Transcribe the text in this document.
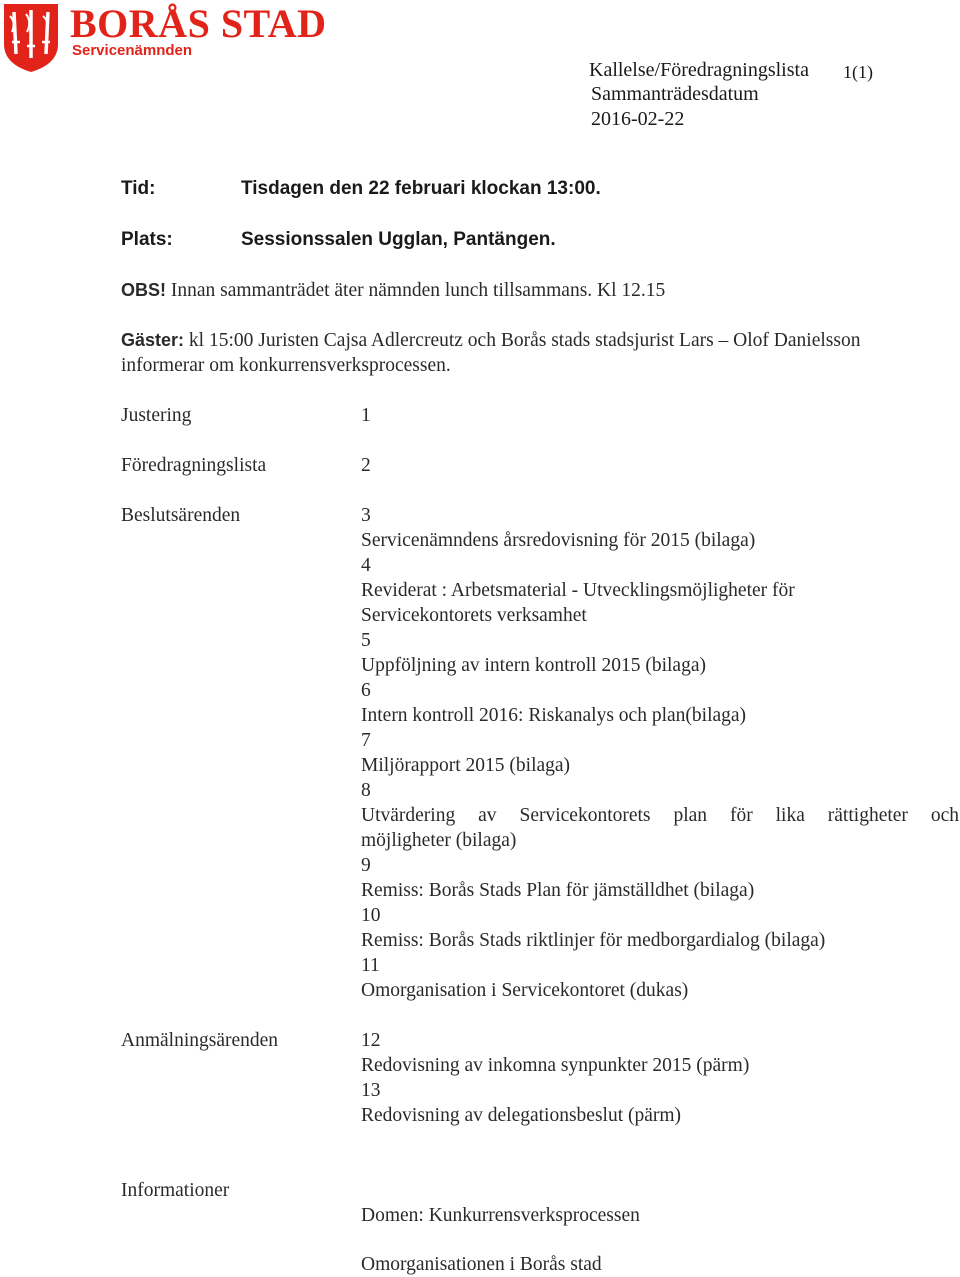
BORÅS STAD
Servicenämnden
Kallelse/Föredragningslista 1(1)
Sammanträdesdatum
2016-02-22
Tid:	Tisdagen den 22 februari klockan 13:00.
Plats:	Sessionssalen Ugglan, Pantängen.
OBS! Innan sammanträdet äter nämnden lunch tillsammans. Kl 12.15
Gäster: kl 15:00 Juristen Cajsa Adlercreutz och Borås stads stadsjurist Lars – Olof Danielsson
informerar om konkurrensverksprocessen.
Justering	1
Föredragningslista	2
Beslutsärenden	3
Servicenämndens årsredovisning för 2015 (bilaga)
4
Reviderat : Arbetsmaterial - Utvecklingsmöjligheter för
Servicekontorets verksamhet
5
Uppföljning av intern kontroll 2015 (bilaga)
6
Intern kontroll 2016: Riskanalys och plan(bilaga)
7
Miljörapport 2015 (bilaga)
8
Utvärdering av Servicekontorets plan för lika rättigheter och
möjligheter (bilaga)
9
Remiss: Borås Stads Plan för jämställdhet (bilaga)
10
Remiss: Borås Stads riktlinjer för medborgardialog (bilaga)
11
Omorganisation i Servicekontoret (dukas)
Anmälningsärenden	12
Redovisning av inkomna synpunkter 2015 (pärm)
13
Redovisning av delegationsbeslut (pärm)
Informationer
Domen: Kunkurrensverksprocessen
Omorganisationen i Borås stad
